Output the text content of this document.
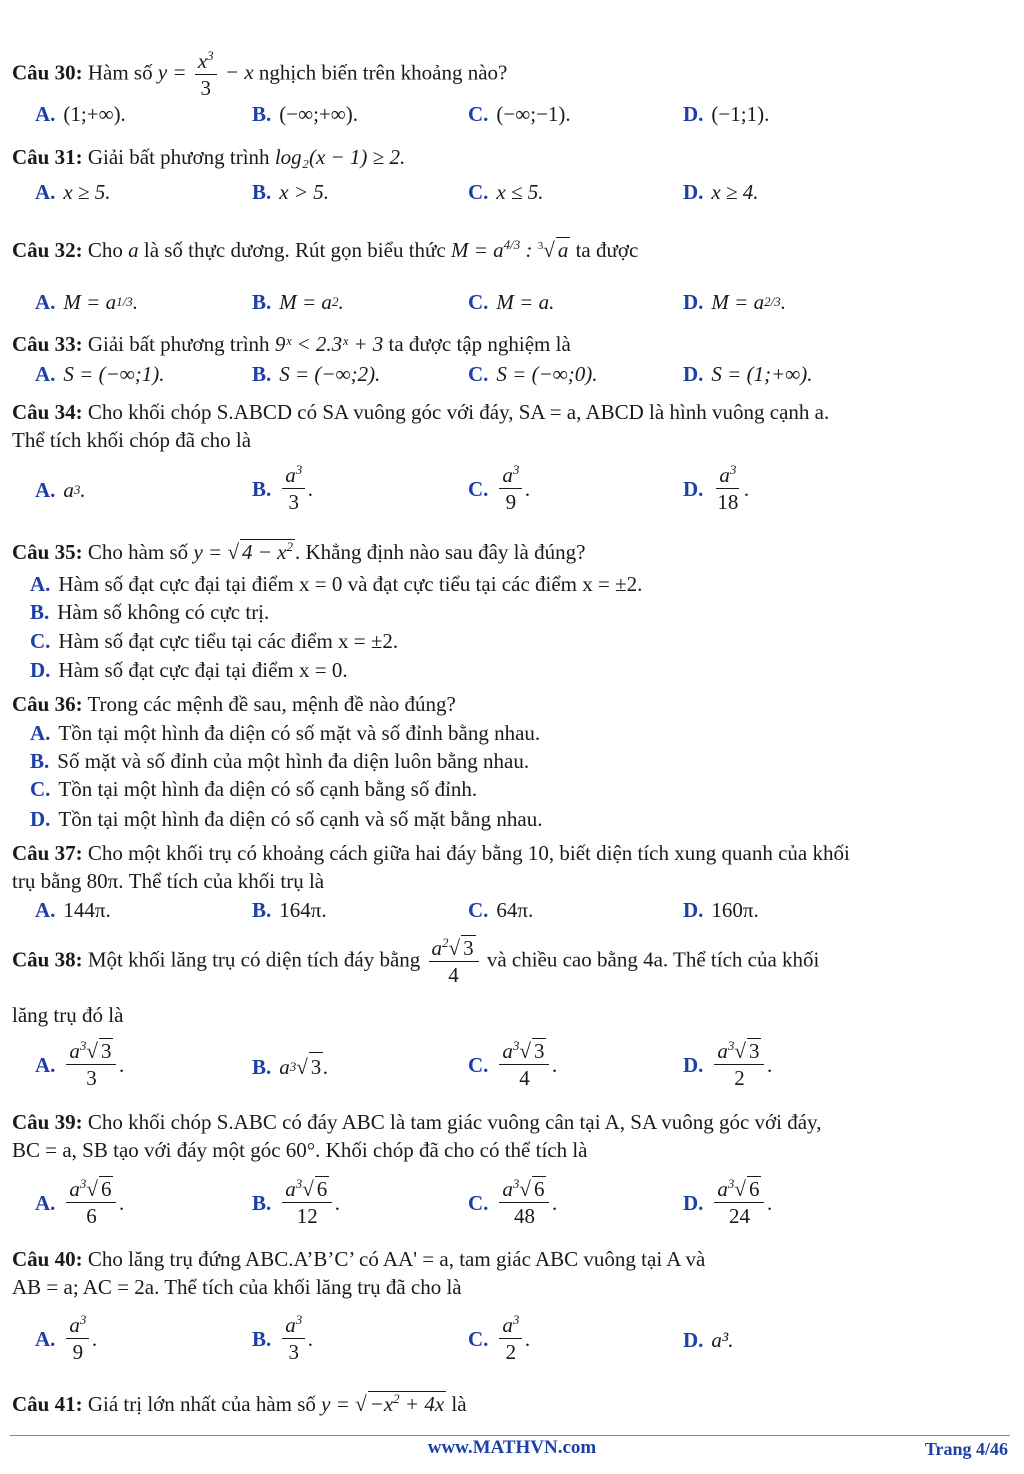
Câu 30: Hàm số $y = \frac{x^3}{3} - x$ nghịch biến trên khoảng nào?
A. (1;+∞).	B. (−∞;+∞).	C. (−∞;−1).	D. (−1;1).
Câu 31: Giải bất phương trình log₂(x − 1) ≥ 2.
A. x ≥ 5.	B. x > 5.	C. x ≤ 5.	D. x ≥ 4.
Câu 32: Cho a là số thực dương. Rút gọn biểu thức $M = a^{4/3}$ : $^3$√ a ta được
A. M = a 1/3 .	B. M = a 2 .	C. M = a.	D. M = a 2/3 .
Câu 33: Giải bất phương trình 9ˣ < 2.3ˣ + 3 ta được tập nghiệm là
A. S = (−∞;1).	B. S = (−∞;2).	C. S = (−∞;0).	D. S = (1;+∞).
Câu 34: Cho khối chóp S.ABCD có SA vuông góc với đáy, SA = a, ABCD là hình vuông cạnh a.
Thể tích khối chóp đã cho là
A. a 3 .	B. $\frac{a^3}{3}$ .	C. $\frac{a^3}{9}$ .	D. $\frac{a^3}{18}$ .
Câu 35: Cho hàm số y = √ $4 - x^2$. Khẳng định nào sau đây là đúng?
A. Hàm số đạt cực đại tại điểm x = 0 và đạt cực tiểu tại các điểm x = ±2.
B. Hàm số không có cực trị.
C. Hàm số đạt cực tiểu tại các điểm x = ±2.
D. Hàm số đạt cực đại tại điểm x = 0.
Câu 36: Trong các mệnh đề sau, mệnh đề nào đúng?
A. Tồn tại một hình đa diện có số mặt và số đỉnh bằng nhau.
B. Số mặt và số đỉnh của một hình đa diện luôn bằng nhau.
C. Tồn tại một hình đa diện có số cạnh bằng số đỉnh.
D. Tồn tại một hình đa diện có số cạnh và số mặt bằng nhau.
Câu 37: Cho một khối trụ có khoảng cách giữa hai đáy bằng 10, biết diện tích xung quanh của khối
trụ bằng 80π. Thể tích của khối trụ là
A. 144π.	B. 164π.	C. 64π.	D. 160π.
Câu 38: Một khối lăng trụ có diện tích đáy bằng $\frac{a^2√ 3}{4}$ và chiều cao bằng 4a. Thể tích của khối
lăng trụ đó là
A. $\frac{a^3√ 3}{3}$ .	B. a 3 √ 3 .	C. $\frac{a^3√ 3}{4}$ .	D. $\frac{a^3√ 3}{2}$ .
Câu 39: Cho khối chóp S.ABC có đáy ABC là tam giác vuông cân tại A, SA vuông góc với đáy,
BC = a, SB tạo với đáy một góc 60°. Khối chóp đã cho có thể tích là
A. $\frac{a^3√ 6}{6}$ .	B. $\frac{a^3√ 6}{12}$ .	C. $\frac{a^3√ 6}{48}$ .	D. $\frac{a^3√ 6}{24}$ .
Câu 40: Cho lăng trụ đứng ABC.A’B’C’ có AA' = a, tam giác ABC vuông tại A và
AB = a; AC = 2a. Thể tích của khối lăng trụ đã cho là
A. $\frac{a^3}{9}$ .	B. $\frac{a^3}{3}$ .	C. $\frac{a^3}{2}$ .	D. a³.
Câu 41: Giá trị lớn nhất của hàm số y = √ $-x^2 + 4x$ là
www.MATHVN.com	Trang 4/46
